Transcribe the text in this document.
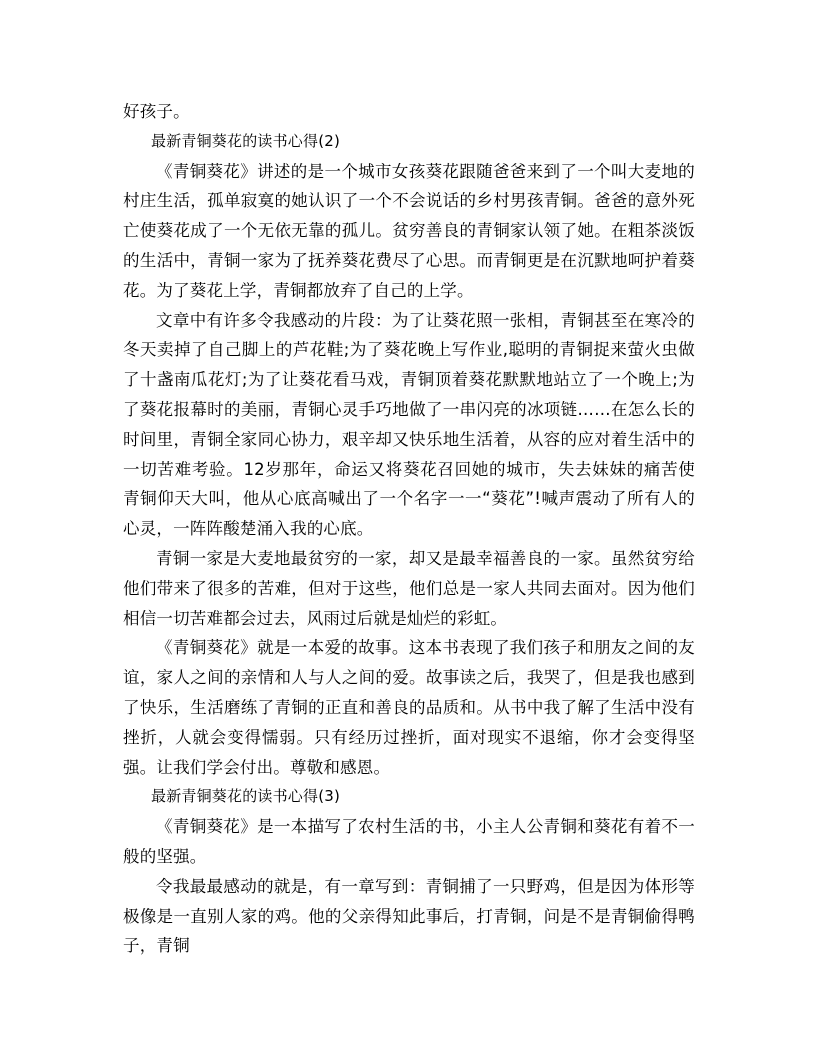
好孩子。

最新青铜葵花的读书心得(2)

《青铜葵花》讲述的是一个城市女孩葵花跟随爸爸来到了一个叫大麦地的村庄生活，孤单寂寞的她认识了一个不会说话的乡村男孩青铜。爸爸的意外死亡使葵花成了一个无依无靠的孤儿。贫穷善良的青铜家认领了她。在粗茶淡饭的生活中，青铜一家为了抚养葵花费尽了心思。而青铜更是在沉默地呵护着葵花。为了葵花上学，青铜都放弃了自己的上学。

文章中有许多令我感动的片段：为了让葵花照一张相，青铜甚至在寒冷的冬天卖掉了自己脚上的芦花鞋;为了葵花晚上写作业,聪明的青铜捉来萤火虫做了十盏南瓜花灯;为了让葵花看马戏，青铜顶着葵花默默地站立了一个晚上;为了葵花报幕时的美丽，青铜心灵手巧地做了一串闪亮的冰项链……在怎么长的时间里，青铜全家同心协力，艰辛却又快乐地生活着，从容的应对着生活中的一切苦难考验。12岁那年，命运又将葵花召回她的城市，失去妹妹的痛苦使青铜仰天大叫，他从心底高喊出了一个名字一一“葵花”!喊声震动了所有人的心灵，一阵阵酸楚涌入我的心底。

青铜一家是大麦地最贫穷的一家，却又是最幸福善良的一家。虽然贫穷给他们带来了很多的苦难，但对于这些，他们总是一家人共同去面对。因为他们相信一切苦难都会过去，风雨过后就是灿烂的彩虹。

《青铜葵花》就是一本爱的故事。这本书表现了我们孩子和朋友之间的友谊，家人之间的亲情和人与人之间的爱。故事读之后，我哭了，但是我也感到了快乐，生活磨练了青铜的正直和善良的品质和。从书中我了解了生活中没有挫折，人就会变得懦弱。只有经历过挫折，面对现实不退缩，你才会变得坚强。让我们学会付出。尊敬和感恩。

最新青铜葵花的读书心得(3)

《青铜葵花》是一本描写了农村生活的书，小主人公青铜和葵花有着不一般的坚强。

令我最最感动的就是，有一章写到：青铜捕了一只野鸡，但是因为体形等极像是一直别人家的鸡。他的父亲得知此事后，打青铜，问是不是青铜偷得鸭子，青铜
